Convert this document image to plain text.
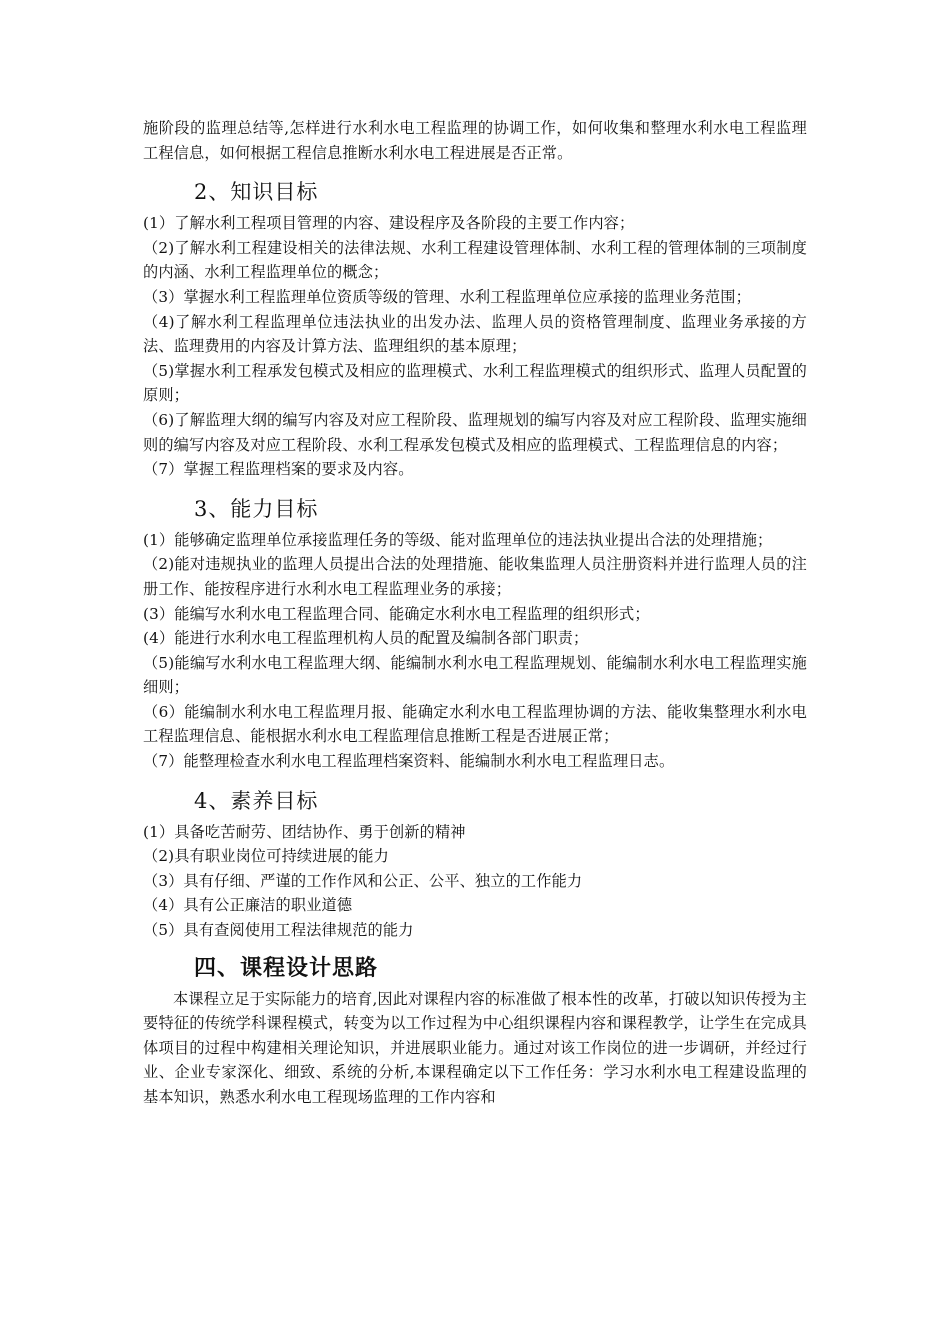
施阶段的监理总结等,怎样进行水利水电工程监理的协调工作，如何收集和整理水利水电工程监理工程信息，如何根据工程信息推断水利水电工程进展是否正常。

2、知识目标

(1）了解水利工程项目管理的内容、建设程序及各阶段的主要工作内容；

（2)了解水利工程建设相关的法律法规、水利工程建设管理体制、水利工程的管理体制的三项制度的内涵、水利工程监理单位的概念；

（3）掌握水利工程监理单位资质等级的管理、水利工程监理单位应承接的监理业务范围；

（4)了解水利工程监理单位违法执业的出发办法、监理人员的资格管理制度、监理业务承接的方法、监理费用的内容及计算方法、监理组织的基本原理；

（5)掌握水利工程承发包模式及相应的监理模式、水利工程监理模式的组织形式、监理人员配置的原则；

（6)了解监理大纲的编写内容及对应工程阶段、监理规划的编写内容及对应工程阶段、监理实施细则的编写内容及对应工程阶段、水利工程承发包模式及相应的监理模式、工程监理信息的内容；

（7）掌握工程监理档案的要求及内容。

3、能力目标

(1）能够确定监理单位承接监理任务的等级、能对监理单位的违法执业提出合法的处理措施；

（2)能对违规执业的监理人员提出合法的处理措施、能收集监理人员注册资料并进行监理人员的注册工作、能按程序进行水利水电工程监理业务的承接；

(3）能编写水利水电工程监理合同、能确定水利水电工程监理的组织形式；

(4）能进行水利水电工程监理机构人员的配置及编制各部门职责；

（5)能编写水利水电工程监理大纲、能编制水利水电工程监理规划、能编制水利水电工程监理实施细则；

（6）能编制水利水电工程监理月报、能确定水利水电工程监理协调的方法、能收集整理水利水电工程监理信息、能根据水利水电工程监理信息推断工程是否进展正常；

（7）能整理检查水利水电工程监理档案资料、能编制水利水电工程监理日志。

4、素养目标

(1）具备吃苦耐劳、团结协作、勇于创新的精神

（2)具有职业岗位可持续进展的能力

（3）具有仔细、严谨的工作作风和公正、公平、独立的工作能力

（4）具有公正廉洁的职业道德

（5）具有查阅使用工程法律规范的能力

四、课程设计思路

本课程立足于实际能力的培育,因此对课程内容的标准做了根本性的改革，打破以知识传授为主要特征的传统学科课程模式，转变为以工作过程为中心组织课程内容和课程教学，让学生在完成具体项目的过程中构建相关理论知识，并进展职业能力。通过对该工作岗位的进一步调研，并经过行业、企业专家深化、细致、系统的分析,本课程确定以下工作任务：学习水利水电工程建设监理的基本知识，熟悉水利水电工程现场监理的工作内容和
